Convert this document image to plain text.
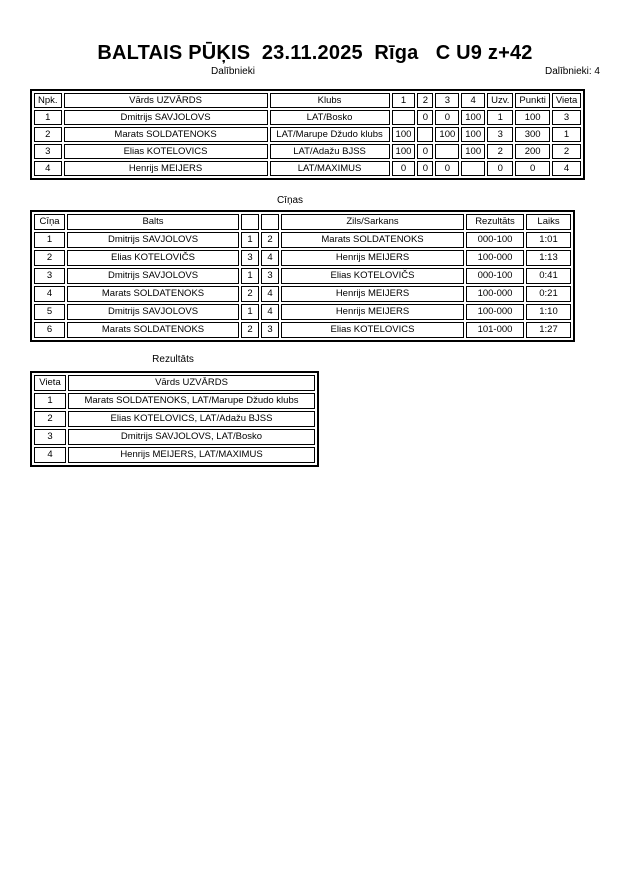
BALTAIS PŪĶIS  23.11.2025  Rīga   C U9 z+42
Dalībnieki	Dalībnieki: 4
Npk.	Vārds UZVĀRDS	Klubs	1	2	3	4	Uzv.	Punkti	Vieta
1	Dmitrijs SAVJOLOVS	LAT/Bosko		0	0	100	1	100	3
2	Marats SOLDATENOKS	LAT/Marupe Džudo klubs	100		100	100	3	300	1
3	Elias KOTELOVICS	LAT/Adažu BJSS	100	0		100	2	200	2
4	Henrijs MEIJERS	LAT/MAXIMUS	0	0	0		0	0	4
Cīņas
Cīņa	Balts			Zils/Sarkans	Rezultāts	Laiks
1	Dmitrijs SAVJOLOVS	1	2	Marats SOLDATENOKS	000-100	1:01
2	Elias KOTELOVIČS	3	4	Henrijs MEIJERS	100-000	1:13
3	Dmitrijs SAVJOLOVS	1	3	Elias KOTELOVIČS	000-100	0:41
4	Marats SOLDATENOKS	2	4	Henrijs MEIJERS	100-000	0:21
5	Dmitrijs SAVJOLOVS	1	4	Henrijs MEIJERS	100-000	1:10
6	Marats SOLDATENOKS	2	3	Elias KOTELOVICS	101-000	1:27
Rezultāts
Vieta	Vārds UZVĀRDS
1	Marats SOLDATENOKS, LAT/Marupe Džudo klubs
2	Elias KOTELOVICS, LAT/Adažu BJSS
3	Dmitrijs SAVJOLOVS, LAT/Bosko
4	Henrijs MEIJERS, LAT/MAXIMUS
